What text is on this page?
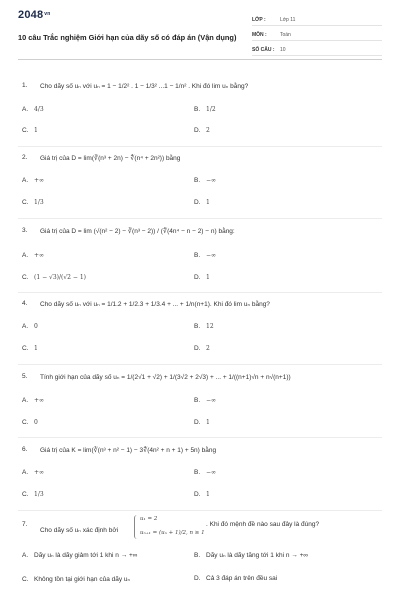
$2048^{vn}$
10 câu Trắc nghiệm Giới hạn của dãy số có đáp án (Vận dụng)
LỚP :	Lớp 11
MÔN :	Toán
SỐ CÂU :	10
1. Cho dãy số uₙ với uₙ = 1 − 1/2² . 1 − 1/3² ...1 − 1/n² . Khi đó lim uₙ bằng?
A. 4/3	B. 1/2
C. 1	D. 2
2. Giá trị của D = lim(∛(n³ + 2n) − ∜(n⁴ + 2n²)) bằng
A. +∞	B. −∞
C. 1/3	D. 1
3. Giá trị của D = lim (√(n² − 2) − ∛(n³ − 2)) / (∜(4n⁴ − n − 2) − n) bằng:
A. +∞	B. −∞
C. (1 − √3)/(√2 − 1)	D. 1
4. Cho dãy số uₙ với uₙ = 1/1.2 + 1/2.3 + 1/3.4 + ... + 1/n(n+1). Khi đó lim uₙ bằng?
A. 0	B. 12
C. 1	D. 2
5. Tính giới hạn của dãy số uₙ = 1/(2√1 + √2) + 1/(3√2 + 2√3) + ... + 1/((n+1)√n + n√(n+1))
A. +∞	B. −∞
C. 0	D. 1
6. Giá trị của K = lim(∛(n³ + n² − 1) − 3∜(4n² + n + 1) + 5n) bằng
A. +∞	B. −∞
C. 1/3	D. 1
7.
Cho dãy số uₙ xác định bởi
. Khi đó mệnh đề nào sau đây là đúng?
u₁ = 2
uₙ₊₁ = (uₙ + 1)/2, n ≥ 1
A. Dãy uₙ là dãy giảm tới 1 khi n → +∞	B. Dãy uₙ là dãy tăng tới 1 khi n → +∞
C. Không tồn tại giới hạn của dãy uₙ	D. Cả 3 đáp án trên đều sai
